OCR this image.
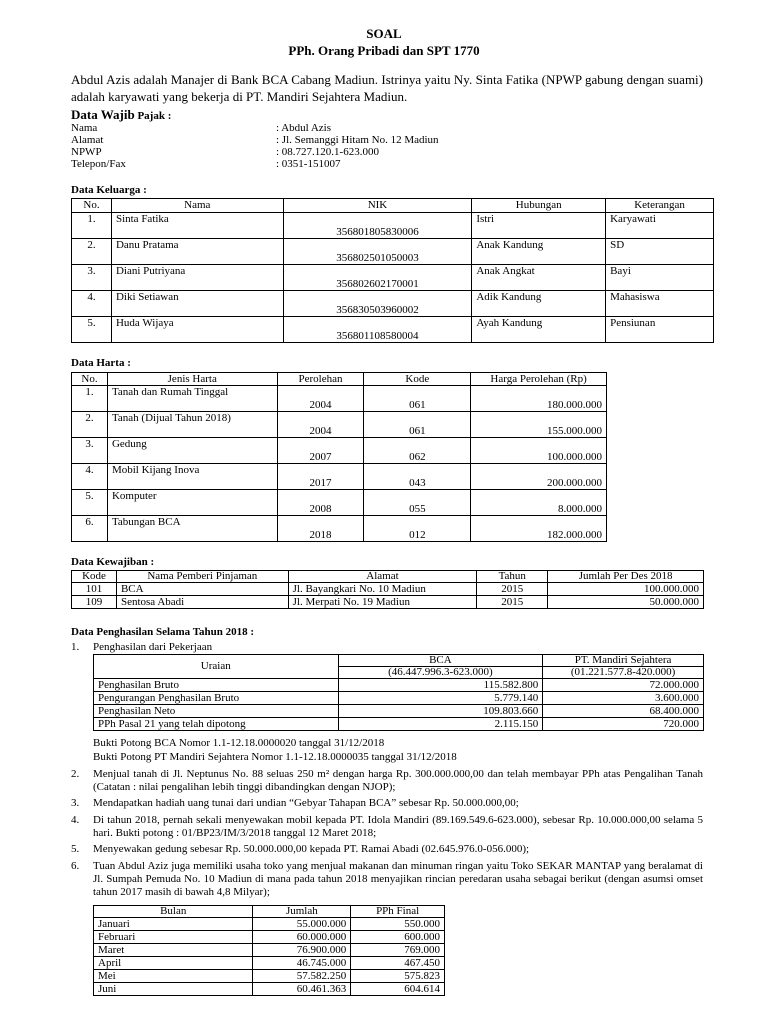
SOAL
PPh. Orang Pribadi dan SPT 1770
Abdul Azis adalah Manajer di Bank BCA Cabang Madiun. Istrinya yaitu Ny. Sinta Fatika (NPWP gabung dengan suami) adalah karyawati yang bekerja di PT. Mandiri Sejahtera Madiun.
Data Wajib Pajak :
Nama	: Abdul Azis
Alamat	: Jl. Semanggi Hitam No. 12 Madiun
NPWP	: 08.727.120.1-623.000
Telepon/Fax	: 0351-151007
Data Keluarga :
No.	Nama	NIK	Hubungan	Keterangan
1.	Sinta Fatika	356801805830006	Istri	Karyawati
2.	Danu Pratama	356802501050003	Anak Kandung	SD
3.	Diani Putriyana	356802602170001	Anak Angkat	Bayi
4.	Diki Setiawan	356830503960002	Adik Kandung	Mahasiswa
5.	Huda Wijaya	356801108580004	Ayah Kandung	Pensiunan
Data Harta :
No.	Jenis Harta	Perolehan	Kode	Harga Perolehan (Rp)
1.	Tanah dan Rumah Tinggal	2004	061	180.000.000
2.	Tanah (Dijual Tahun 2018)	2004	061	155.000.000
3.	Gedung	2007	062	100.000.000
4.	Mobil Kijang Inova	2017	043	200.000.000
5.	Komputer	2008	055	8.000.000
6.	Tabungan BCA	2018	012	182.000.000
Data Kewajiban :
Kode	Nama Pemberi Pinjaman	Alamat	Tahun	Jumlah Per Des 2018
101	BCA	Jl. Bayangkari No. 10 Madiun	2015	100.000.000
109	Sentosa Abadi	Jl. Merpati No. 19 Madiun	2015	50.000.000
Data Penghasilan Selama Tahun 2018 :
1. Penghasilan dari Pekerjaan
Uraian	BCA	PT. Mandiri Sejahtera
	(46.447.996.3-623.000)	(01.221.577.8-420.000)
Penghasilan Bruto	115.582.800	72.000.000
Pengurangan Penghasilan Bruto	5.779.140	3.600.000
Penghasilan Neto	109.803.660	68.400.000
PPh Pasal 21 yang telah dipotong	2.115.150	720.000
Bukti Potong BCA Nomor 1.1-12.18.0000020 tanggal 31/12/2018
Bukti Potong PT Mandiri Sejahtera Nomor 1.1-12.18.0000035 tanggal 31/12/2018
2. Menjual tanah di Jl. Neptunus No. 88 seluas 250 m² dengan harga Rp. 300.000.000,00 dan telah membayar PPh atas Pengalihan Tanah (Catatan : nilai pengalihan lebih tinggi dibandingkan dengan NJOP);
3. Mendapatkan hadiah uang tunai dari undian “Gebyar Tahapan BCA” sebesar Rp. 50.000.000,00;
4. Di tahun 2018, pernah sekali menyewakan mobil kepada PT. Idola Mandiri (89.169.549.6-623.000), sebesar Rp. 10.000.000,00 selama 5 hari. Bukti potong : 01/BP23/IM/3/2018 tanggal 12 Maret 2018;
5. Menyewakan gedung sebesar Rp. 50.000.000,00 kepada PT. Ramai Abadi (02.645.976.0-056.000);
6. Tuan Abdul Aziz juga memiliki usaha toko yang menjual makanan dan minuman ringan yaitu Toko SEKAR MANTAP yang beralamat di Jl. Sumpah Pemuda No. 10 Madiun di mana pada tahun 2018 menyajikan rincian peredaran usaha sebagai berikut (dengan asumsi omset tahun 2017 masih di bawah 4,8 Milyar);
Bulan	Jumlah	PPh Final
Januari	55.000.000	550.000
Februari	60.000.000	600.000
Maret	76.900.000	769.000
April	46.745.000	467.450
Mei	57.582.250	575.823
Juni	60.461.363	604.614
